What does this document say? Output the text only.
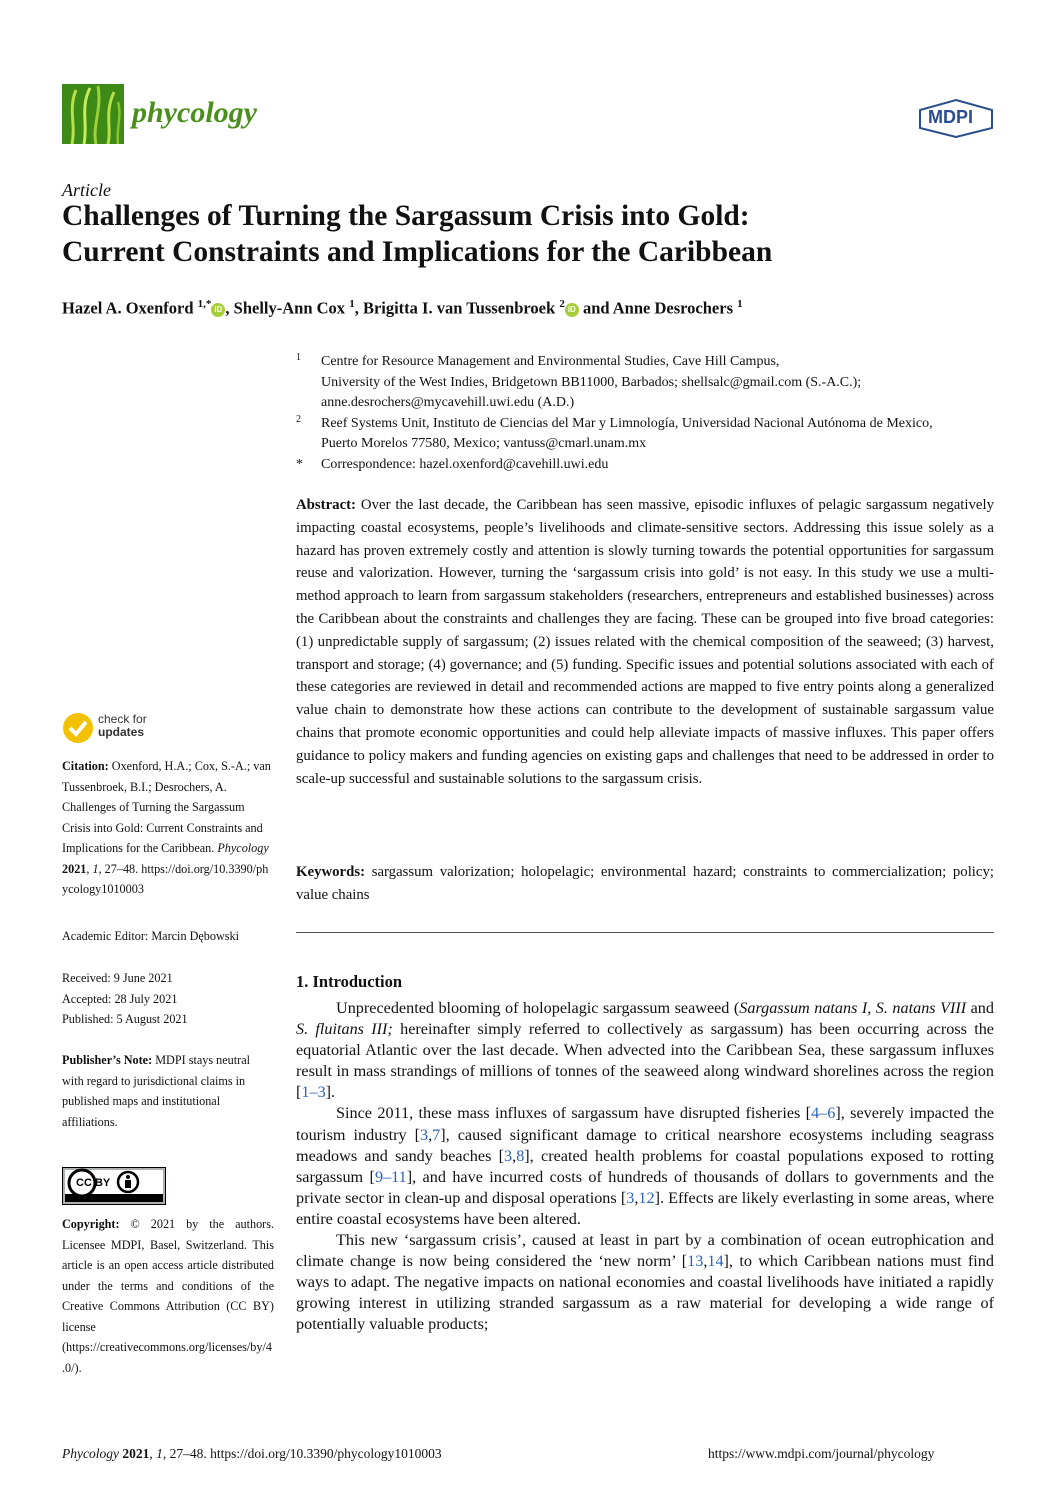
phycology	MDPI
Article
Challenges of Turning the Sargassum Crisis into Gold:
Current Constraints and Implications for the Caribbean
Hazel A. Oxenford $^{1,*}$ iD , Shelly-Ann Cox $^1$, Brigitta I. van Tussenbroek $^2$ iD and Anne Desrochers $^1$
1 Centre for Resource Management and Environmental Studies, Cave Hill Campus,
University of the West Indies, Bridgetown BB11000, Barbados; shellsalc@gmail.com (S.-A.C.);
anne.desrochers@mycavehill.uwi.edu (A.D.)
2 Reef Systems Unit, Instituto de Ciencias del Mar y Limnología, Universidad Nacional Autónoma de Mexico,
Puerto Morelos 77580, Mexico; vantuss@cmarl.unam.mx
* Correspondence: hazel.oxenford@cavehill.uwi.edu
Abstract: Over the last decade, the Caribbean has seen massive, episodic influxes of pelagic sargassum negatively impacting coastal ecosystems, people’s livelihoods and climate-sensitive sectors. Addressing this issue solely as a hazard has proven extremely costly and attention is slowly turning towards the potential opportunities for sargassum reuse and valorization. However, turning the ‘sargassum crisis into gold’ is not easy. In this study we use a multi-method approach to learn from sargassum stakeholders (researchers, entrepreneurs and established businesses) across the Caribbean about the constraints and challenges they are facing. These can be grouped into five broad categories: (1) unpredictable supply of sargassum; (2) issues related with the chemical composition of the seaweed; (3) harvest, transport and storage; (4) governance; and (5) funding. Specific issues and potential solutions associated with each of these categories are reviewed in detail and recommended actions are mapped to five entry points along a generalized value chain to demonstrate how these actions can contribute to the development of sustainable sargassum value chains that promote economic opportunities and could help alleviate impacts of massive influxes. This paper offers guidance to policy makers and funding agencies on existing gaps and challenges that need to be addressed in order to scale-up successful and sustainable solutions to the sargassum crisis.
Keywords: sargassum valorization; holopelagic; environmental hazard; constraints to commercialization; policy; value chains
1. Introduction

Unprecedented blooming of holopelagic sargassum seaweed (Sargassum natans I, S. natans VIII and S. fluitans III; hereinafter simply referred to collectively as sargassum) has been occurring across the equatorial Atlantic over the last decade. When advected into the Caribbean Sea, these sargassum influxes result in mass strandings of millions of tonnes of the seaweed along windward shorelines across the region [1–3].

Since 2011, these mass influxes of sargassum have disrupted fisheries [4–6], severely impacted the tourism industry [3,7], caused significant damage to critical nearshore ecosystems including seagrass meadows and sandy beaches [3,8], created health problems for coastal populations exposed to rotting sargassum [9–11], and have incurred costs of hundreds of thousands of dollars to governments and the private sector in clean-up and disposal operations [3,12]. Effects are likely everlasting in some areas, where entire coastal ecosystems have been altered.

This new ‘sargassum crisis’, caused at least in part by a combination of ocean eutrophication and climate change is now being considered the ‘new norm’ [13,14], to which Caribbean nations must find ways to adapt. The negative impacts on national economies and coastal livelihoods have initiated a rapidly growing interest in utilizing stranded sargassum as a raw material for developing a wide range of potentially valuable products;

check for
updates
Citation: Oxenford, H.A.; Cox, S.-A.; van Tussenbroek, B.I.; Desrochers, A. Challenges of Turning the Sargassum Crisis into Gold: Current Constraints and Implications for the Caribbean. Phycology 2021, 1, 27–48. https://doi.org/10.3390/phycology1010003
Academic Editor: Marcin Dębowski
Received: 9 June 2021
Accepted: 28 July 2021
Published: 5 August 2021
Publisher’s Note: MDPI stays neutral with regard to jurisdictional claims in published maps and institutional affiliations.
CC BY
Copyright: © 2021 by the authors. Licensee MDPI, Basel, Switzerland. This article is an open access article distributed under the terms and conditions of the Creative Commons Attribution (CC BY) license (https://creativecommons.org/licenses/by/4.0/).
Phycology 2021, 1, 27–48. https://doi.org/10.3390/phycology1010003	https://www.mdpi.com/journal/phycology
